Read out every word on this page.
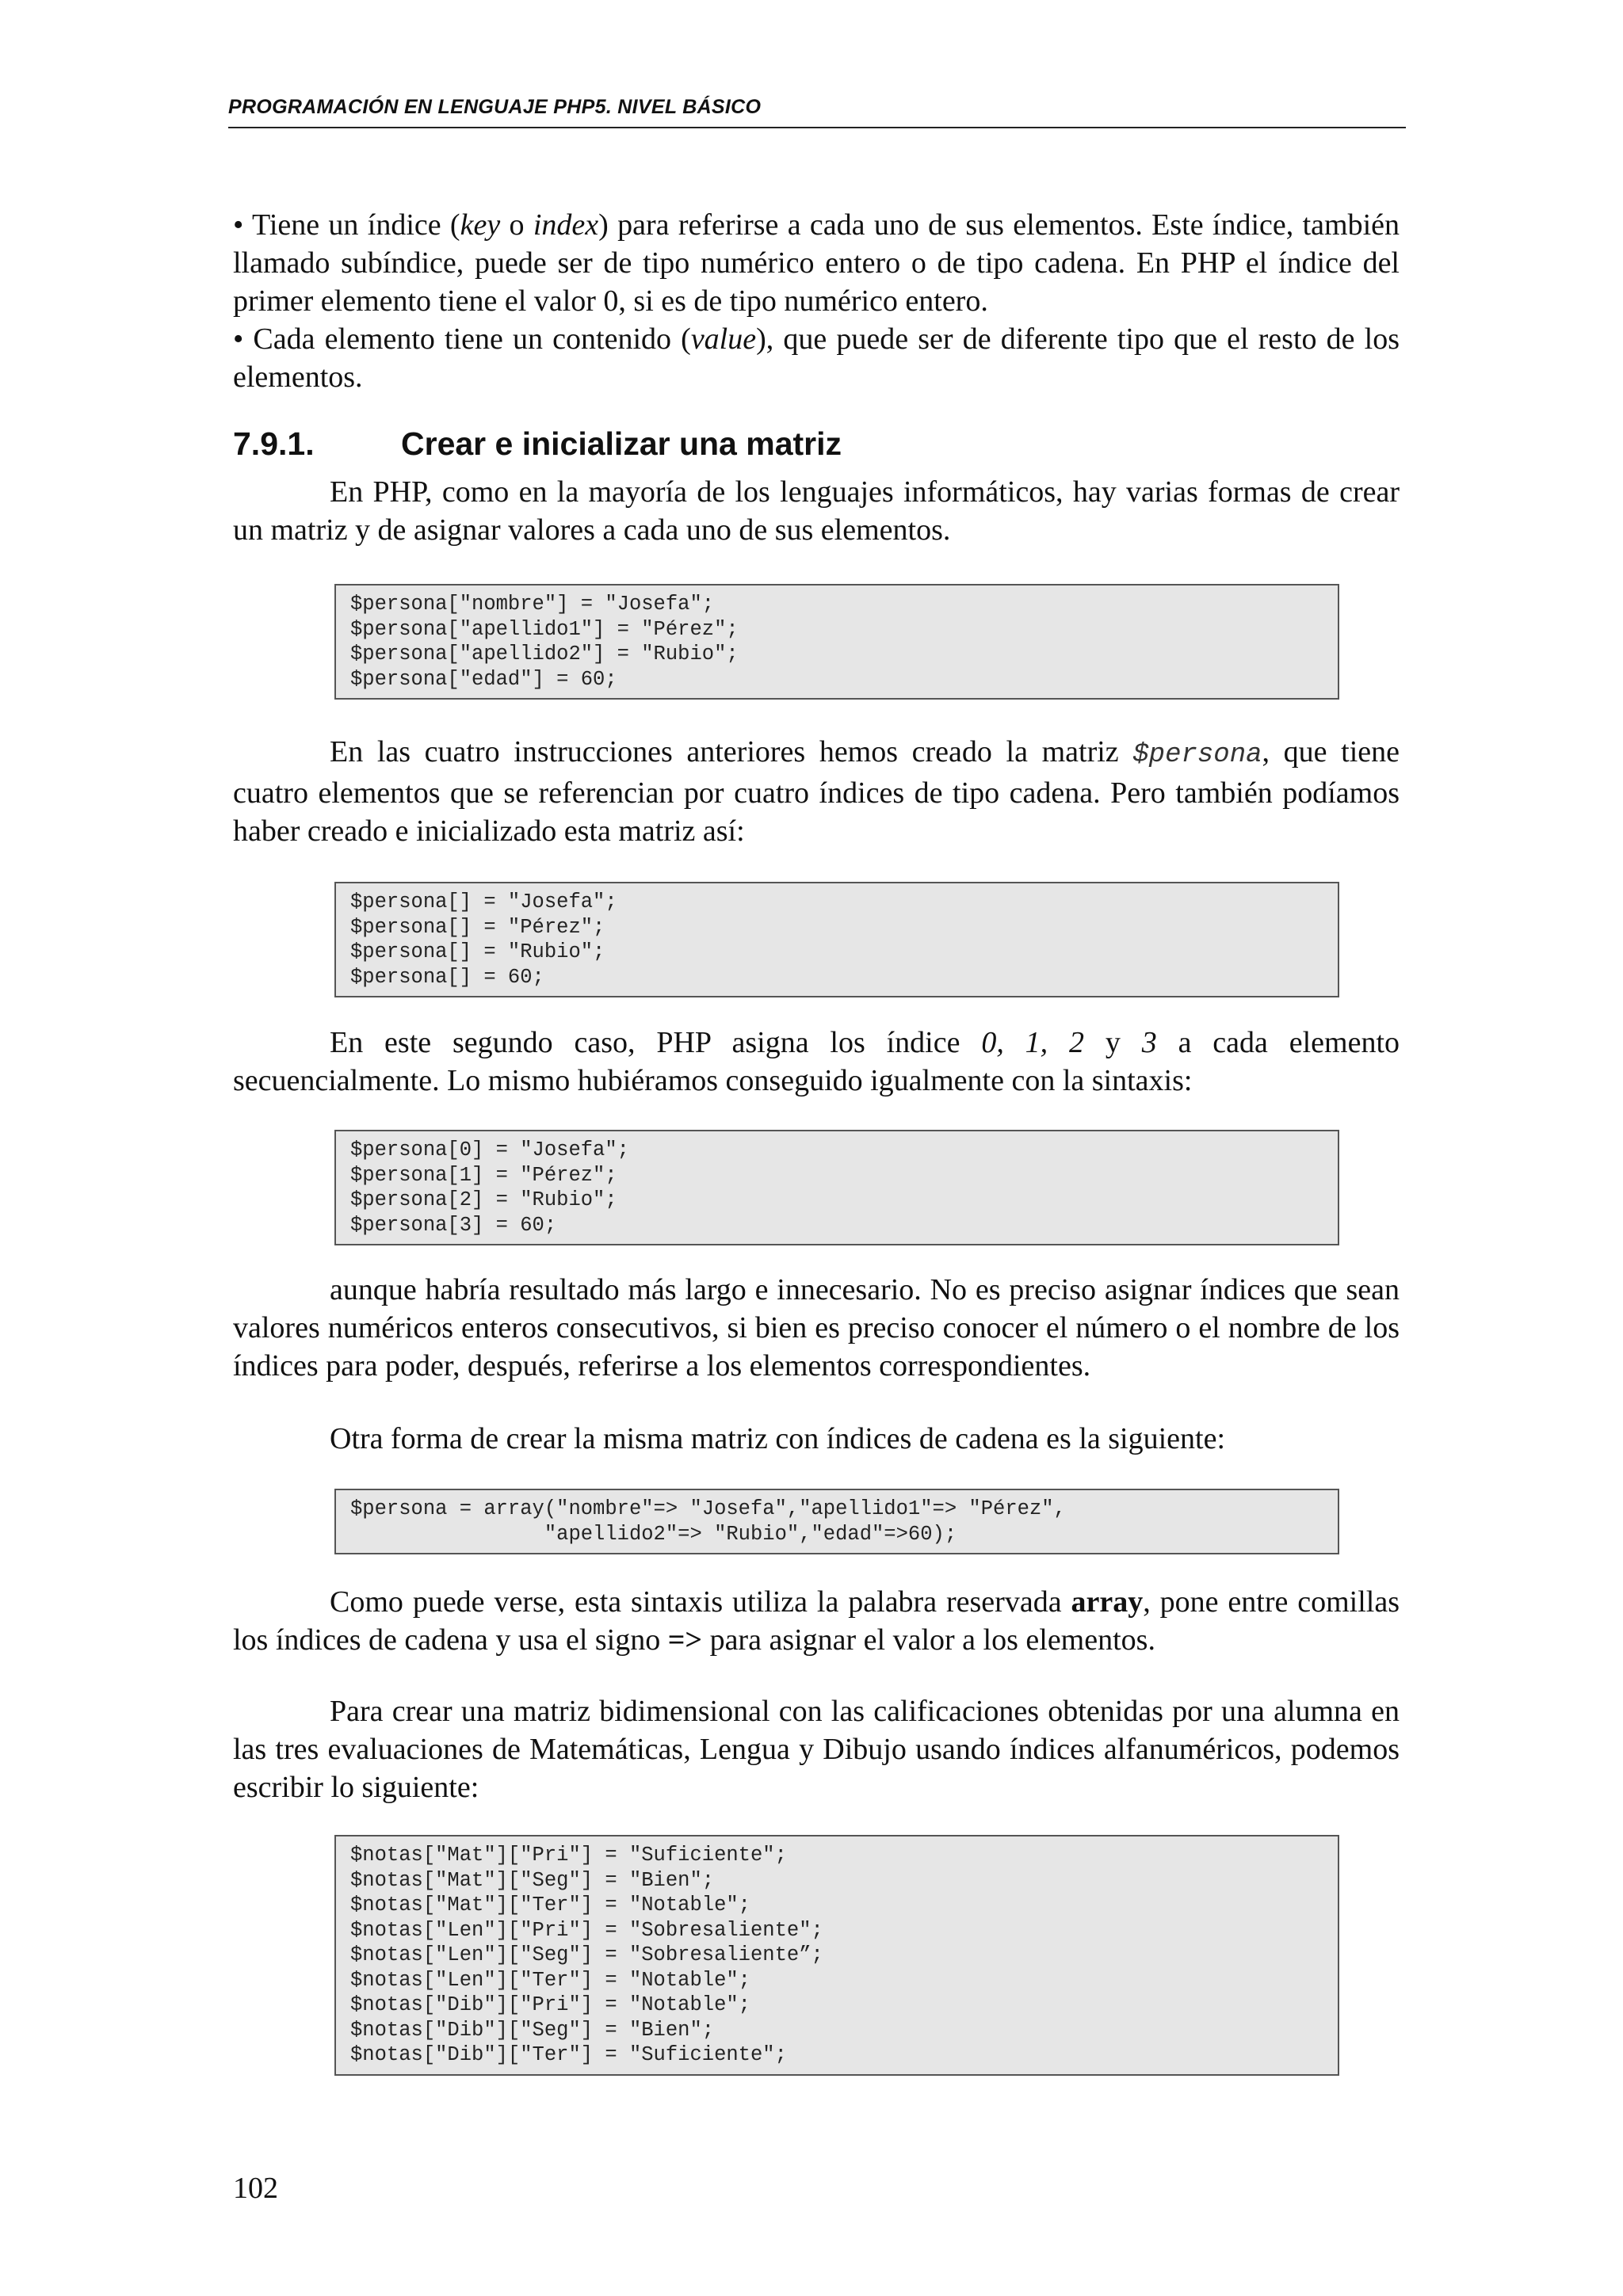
PROGRAMACIÓN EN LENGUAJE PHP5. NIVEL BÁSICO

• Tiene un índice (key o index) para referirse a cada uno de sus elementos. Este índice, también llamado subíndice, puede ser de tipo numérico entero o de tipo cadena. En PHP el índice del primer elemento tiene el valor 0, si es de tipo numérico entero.
• Cada elemento tiene un contenido (value), que puede ser de diferente tipo que el resto de los elementos.

7.9.1.	Crear e inicializar una matriz

En PHP, como en la mayoría de los lenguajes informáticos, hay varias formas de crear un matriz y de asignar valores a cada uno de sus elementos.

$persona["nombre"] = "Josefa";
$persona["apellido1"] = "Pérez";
$persona["apellido2"] = "Rubio";
$persona["edad"] = 60;

En las cuatro instrucciones anteriores hemos creado la matriz $persona, que tiene cuatro elementos que se referencian por cuatro índices de tipo cadena. Pero también podíamos haber creado e inicializado esta matriz así:

$persona[] = "Josefa";
$persona[] = "Pérez";
$persona[] = "Rubio";
$persona[] = 60;

En este segundo caso, PHP asigna los índice 0, 1, 2 y 3 a cada elemento secuencialmente. Lo mismo hubiéramos conseguido igualmente con la sintaxis:

$persona[0] = "Josefa";
$persona[1] = "Pérez";
$persona[2] = "Rubio";
$persona[3] = 60;

aunque habría resultado más largo e innecesario. No es preciso asignar índices que sean valores numéricos enteros consecutivos, si bien es preciso conocer el número o el nombre de los índices para poder, después, referirse a los elementos correspondientes.

Otra forma de crear la misma matriz con índices de cadena es la siguiente:

$persona = array("nombre"=> "Josefa","apellido1"=> "Pérez",
"apellido2"=> "Rubio","edad"=>60);

Como puede verse, esta sintaxis utiliza la palabra reservada array, pone entre comillas los índices de cadena y usa el signo => para asignar el valor a los elementos.

Para crear una matriz bidimensional con las calificaciones obtenidas por una alumna en las tres evaluaciones de Matemáticas, Lengua y Dibujo usando índices alfanuméricos, podemos escribir lo siguiente:

$notas["Mat"]["Pri"] = "Suficiente";
$notas["Mat"]["Seg"] = "Bien";
$notas["Mat"]["Ter"] = "Notable";
$notas["Len"]["Pri"] = "Sobresaliente";
$notas["Len"]["Seg"] = "Sobresaliente”;
$notas["Len"]["Ter"] = "Notable";
$notas["Dib"]["Pri"] = "Notable";
$notas["Dib"]["Seg"] = "Bien";
$notas["Dib"]["Ter"] = "Suficiente";
102
